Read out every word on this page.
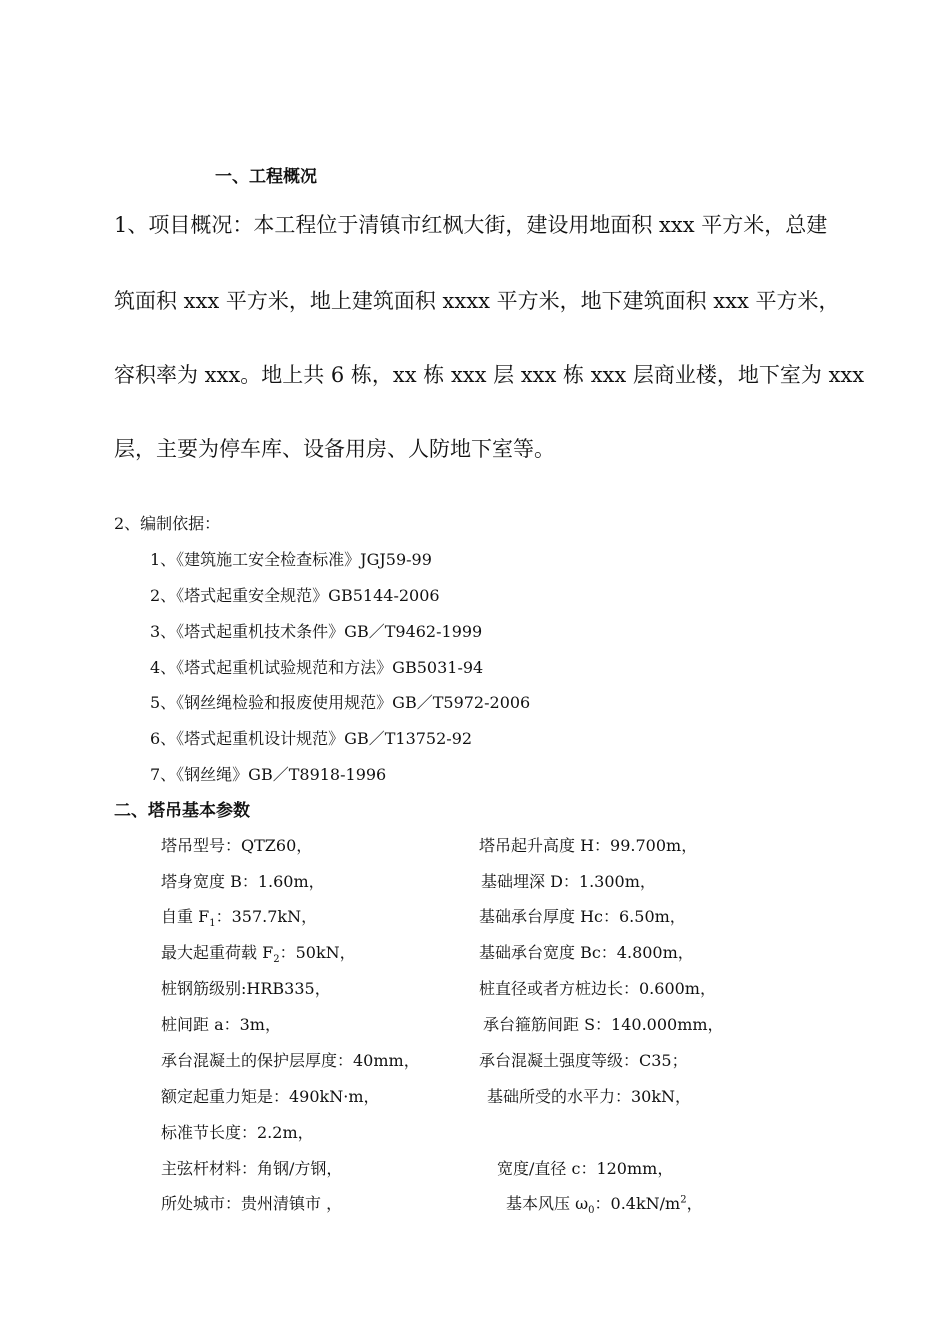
一、工程概况
1、项目概况：本工程位于清镇市红枫大街，建设用地面积 xxx 平方米，总建
筑面积 xxx 平方米，地上建筑面积 xxxx 平方米，地下建筑面积 xxx 平方米，
容积率为 xxx。地上共 6 栋，xx 栋 xxx 层 xxx 栋 xxx 层商业楼，地下室为 xxx
层，主要为停车库、设备用房、人防地下室等。
2、编制依据：
1、《建筑施工安全检查标准》JGJ59-99
2、《塔式起重安全规范》GB5144-2006
3、《塔式起重机技术条件》GB／T9462-1999
4、《塔式起重机试验规范和方法》GB5031-94
5、《钢丝绳检验和报废使用规范》GB／T5972-2006
6、《塔式起重机设计规范》GB／T13752-92
7、《钢丝绳》GB／T8918-1996
二、塔吊基本参数
塔吊型号：QTZ60，	塔吊起升高度 H：99.700m，
塔身宽度 B：1.60m，	基础埋深 D：1.300m，
自重 $F_1$：357.7kN，	基础承台厚度 Hc：6.50m，
最大起重荷载 $F_2$：50kN，	基础承台宽度 Bc：4.800m，
桩钢筋级别:HRB335，	桩直径或者方桩边长：0.600m，
桩间距 a：3m，	承台箍筋间距 S：140.000mm，
承台混凝土的保护层厚度：40mm，	承台混凝土强度等级：C35；
额定起重力矩是：490kN·m，	基础所受的水平力：30kN，
标准节长度：2.2m，
主弦杆材料：角钢/方钢，	宽度/直径 c：120mm，
所处城市：贵州清镇市 ，	基本风压 $\omega_0$：$0.4kN/m^2$，
